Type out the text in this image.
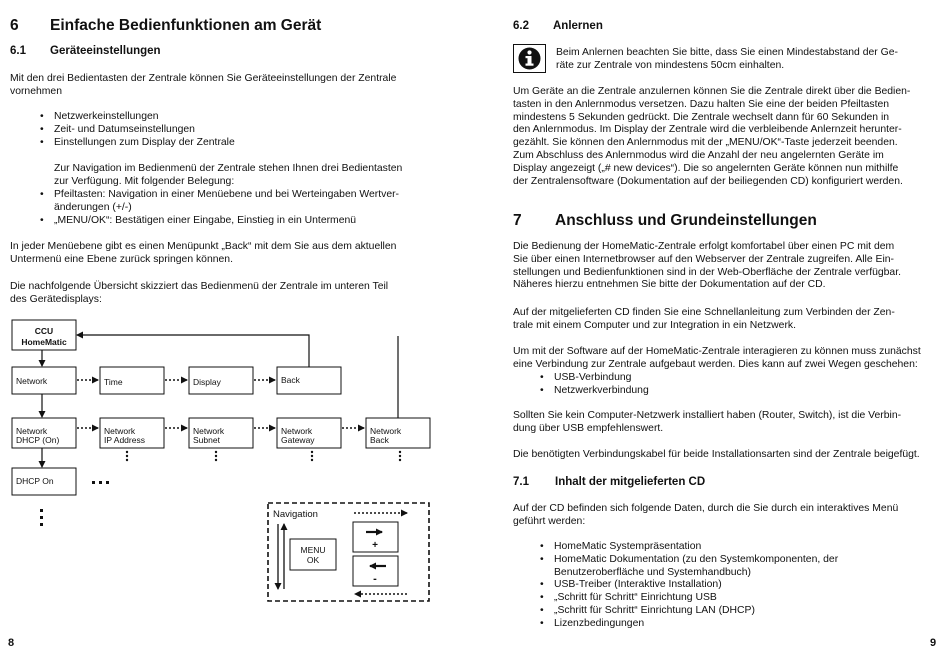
6 Einfache Bedienfunktionen am Gerät
6.1 Geräteeinstellungen
Mit den drei Bedientasten der Zentrale können Sie Geräteeinstellungen der Zentrale
vornehmen
• Netzwerkeinstellungen
• Zeit- und Datumseinstellungen
• Einstellungen zum Display der Zentrale
Zur Navigation im Bedienmenü der Zentrale stehen Ihnen drei Bedientasten
zur Verfügung. Mit folgender Belegung:
• Pfeiltasten: Navigation in einer Menüebene und bei Werteingaben Wertver-
änderungen (+/-)
• „MENU/OK“: Bestätigen einer Eingabe, Einstieg in ein Untermenü
In jeder Menüebene gibt es einen Menüpunkt „Back“ mit dem Sie aus dem aktuellen
Untermenü eine Ebene zurück springen können.
Die nachfolgende Übersicht skizziert das Bedienmenü der Zentrale im unteren Teil
des Gerätedisplays:
CCU
HomeMatic
Network	Time	Display	Back
Network
DHCP (On)
Network
IP Address
Network
Subnet
Network
Gateway
Network
Back
DHCP On
Navigation
MENU
OK
+
-
8
6.2 Anlernen
Beim Anlernen beachten Sie bitte, dass Sie einen Mindestabstand der Ge-
räte zur Zentrale von mindestens 50cm einhalten.
Um Geräte an die Zentrale anzulernen können Sie die Zentrale direkt über die Bedien-
tasten in den Anlernmodus versetzen. Dazu halten Sie eine der beiden Pfeiltasten
mindestens 5 Sekunden gedrückt. Die Zentrale wechselt dann für 60 Sekunden in
den Anlernmodus. Im Display der Zentrale wird die verbleibende Anlernzeit herunter-
gezählt. Sie können den Anlernmodus mit der „MENU/OK“-Taste jederzeit beenden.
Zum Abschluss des Anlernmodus wird die Anzahl der neu angelernten Geräte im
Display angezeigt („# new devices“). Die so angelernten Geräte können nun mithilfe
der Zentralensoftware (Dokumentation auf der beiliegenden CD) konfiguriert werden.
7 Anschluss und Grundeinstellungen
Die Bedienung der HomeMatic-Zentrale erfolgt komfortabel über einen PC mit dem
Sie über einen Internetbrowser auf den Webserver der Zentrale zugreifen. Alle Ein-
stellungen und Bedienfunktionen sind in der Web-Oberfläche der Zentrale verfügbar.
Näheres hierzu entnehmen Sie bitte der Dokumentation auf der CD.
Auf der mitgelieferten CD finden Sie eine Schnellanleitung zum Verbinden der Zen-
trale mit einem Computer und zur Integration in ein Netzwerk.
Um mit der Software auf der HomeMatic-Zentrale interagieren zu können muss zunächst
eine Verbindung zur Zentrale aufgebaut werden. Dies kann auf zwei Wegen geschehen:
• USB-Verbindung
• Netzwerkverbindung
Sollten Sie kein Computer-Netzwerk installiert haben (Router, Switch), ist die Verbin-
dung über USB empfehlenswert.
Die benötigten Verbindungskabel für beide Installationsarten sind der Zentrale beigefügt.
7.1 Inhalt der mitgelieferten CD
Auf der CD befinden sich folgende Daten, durch die Sie durch ein interaktives Menü
geführt werden:
• HomeMatic Systempräsentation
• HomeMatic Dokumentation (zu den Systemkomponenten, der
Benutzeroberfläche und Systemhandbuch)
• USB-Treiber (Interaktive Installation)
• „Schritt für Schritt“ Einrichtung USB
• „Schritt für Schritt“ Einrichtung LAN (DHCP)
• Lizenzbedingungen
9
